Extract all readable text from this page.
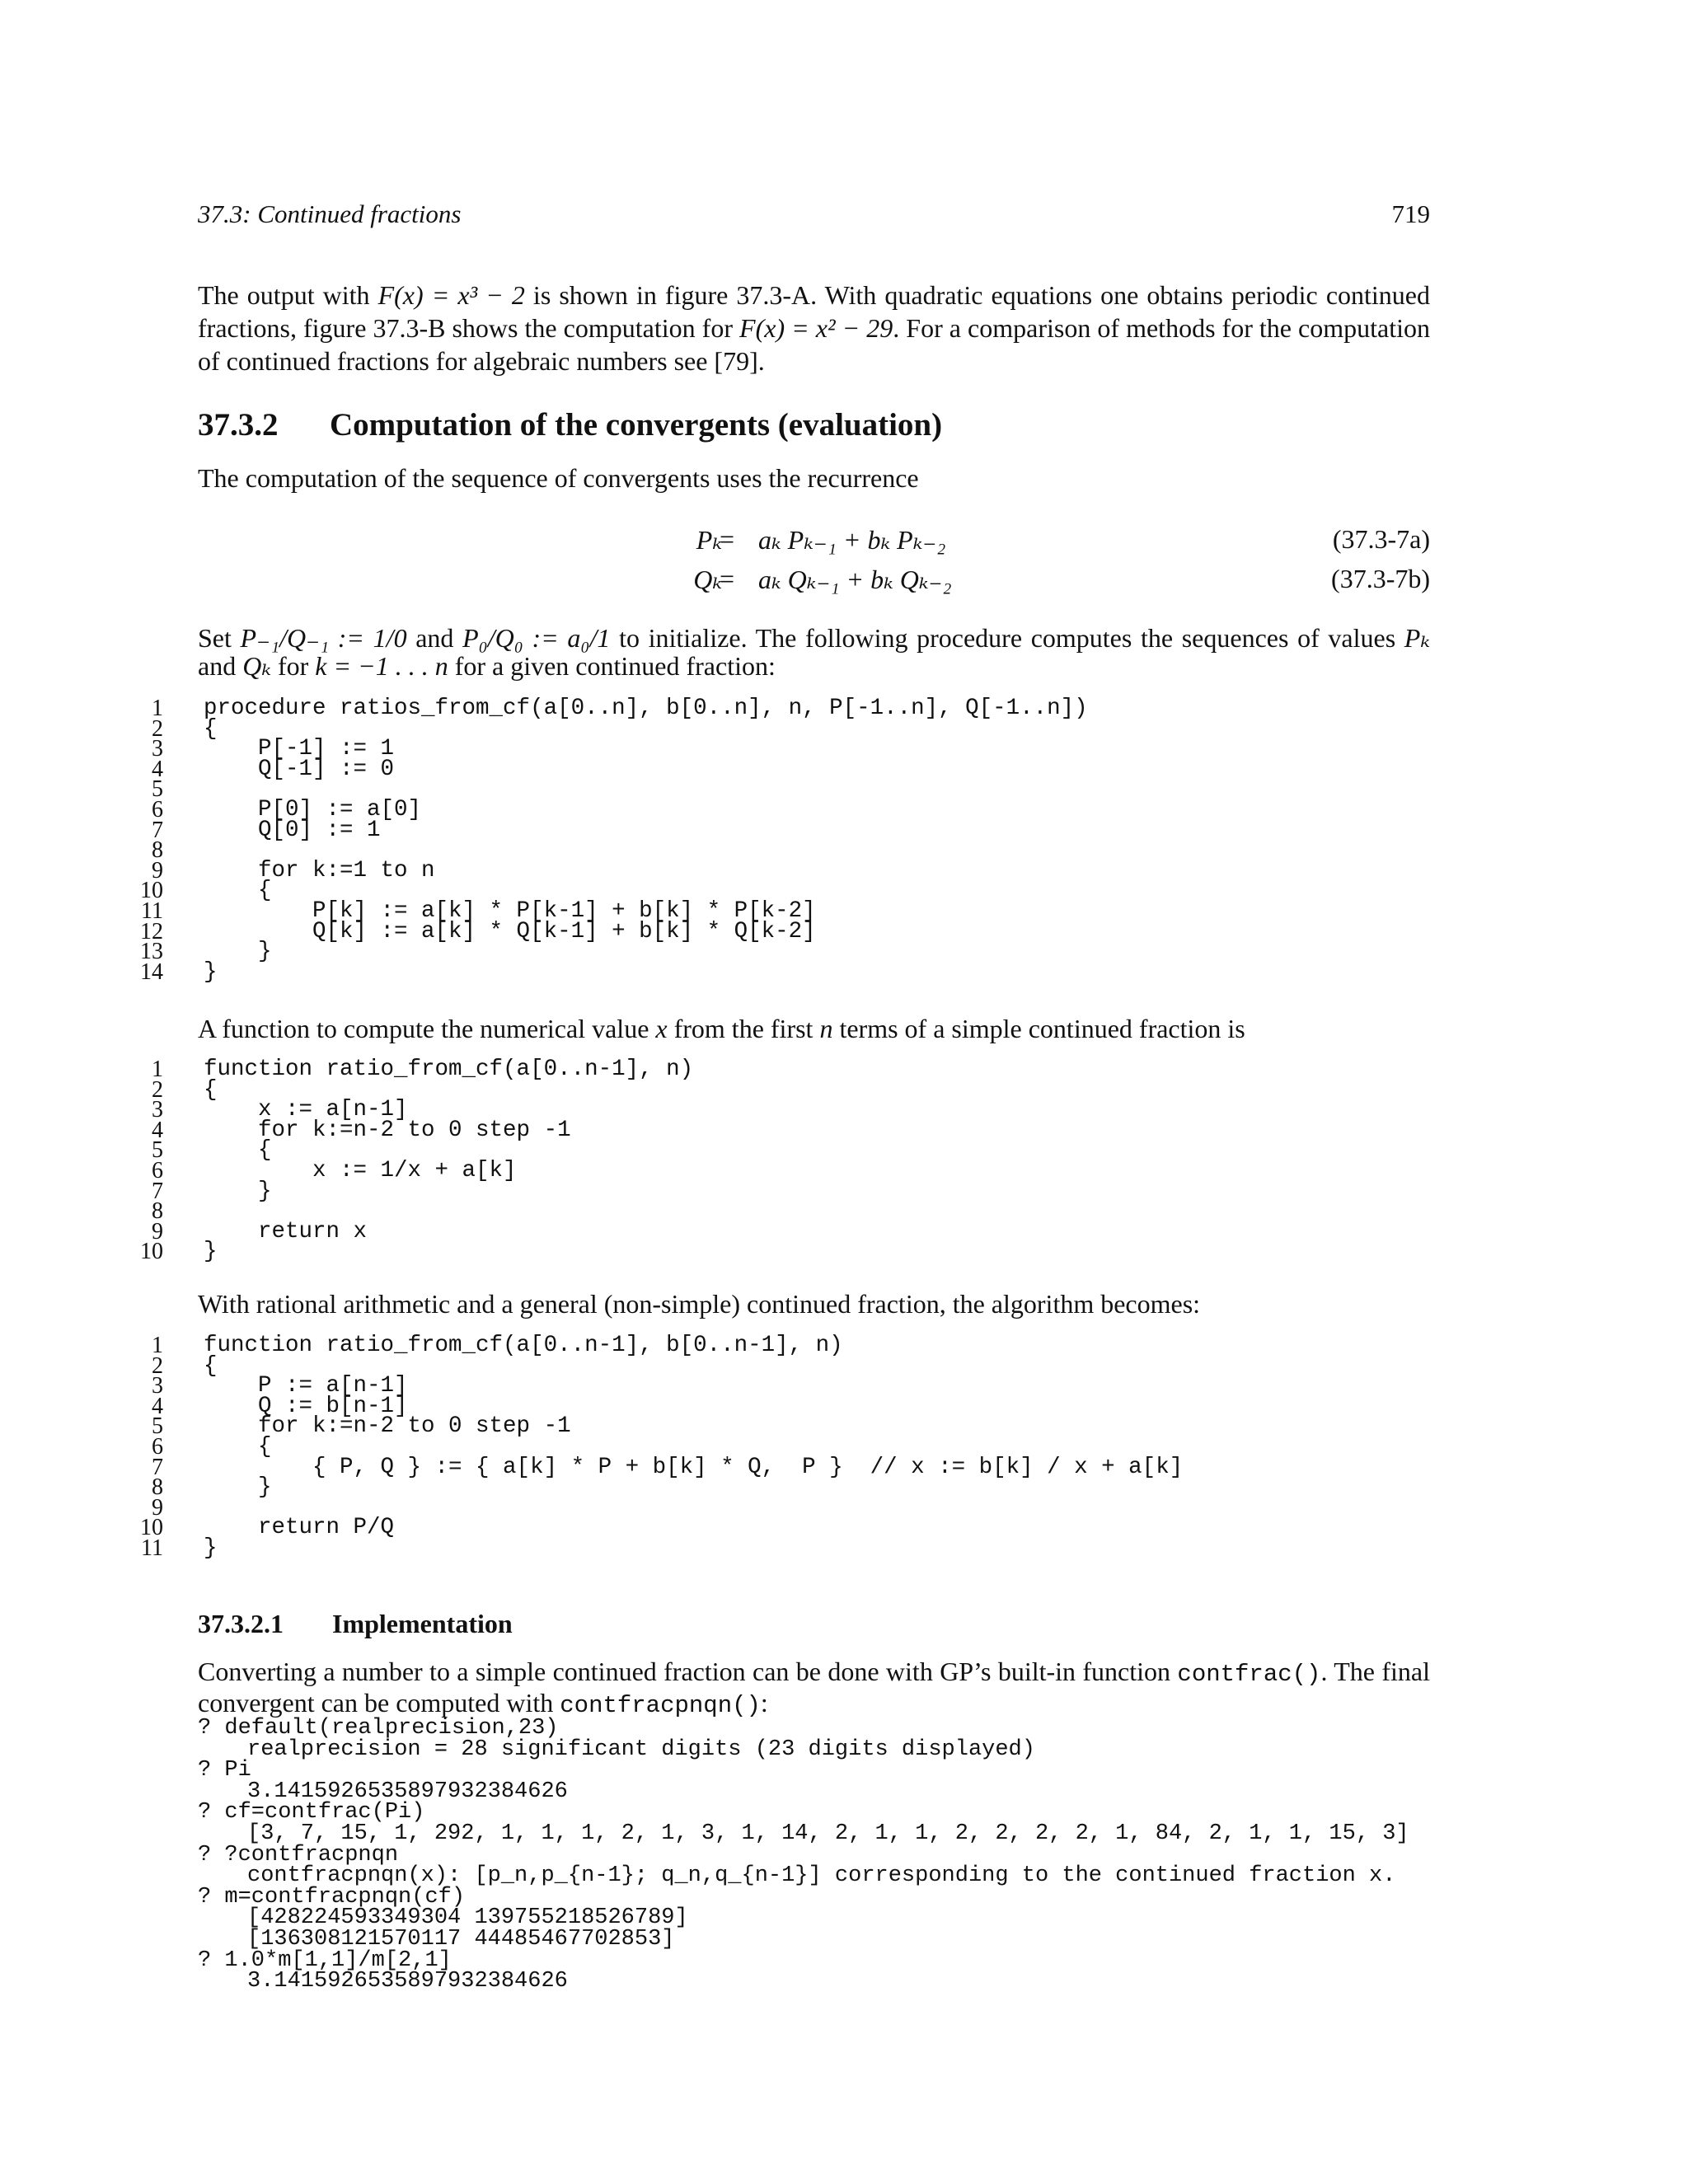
37.3: Continued fractions	719

The output with F(x) = x³ − 2 is shown in figure 37.3-A. With quadratic equations one obtains periodic continued fractions, figure 37.3-B shows the computation for F(x) = x² − 29. For a comparison of methods for the computation of continued fractions for algebraic numbers see [79].

37.3.2 Computation of the convergents (evaluation)

The computation of the sequence of convergents uses the recurrence

Pₖ
= aₖ Pₖ₋₁ + bₖ Pₖ₋₂	(37.3-7a)
Qₖ
= aₖ Qₖ₋₁ + bₖ Qₖ₋₂	(37.3-7b)

Set P₋₁/Q₋₁ := 1/0 and P₀/Q₀ := a₀/1 to initialize. The following procedure computes the sequences of values Pₖ and Qₖ for k = −1 . . . n for a given continued fraction:

1 procedure ratios_from_cf(a[0..n], b[0..n], n, P[-1..n], Q[-1..n])
2 {
3 P[-1] := 1
4 Q[-1] := 0
5
6 P[0] := a[0]
7 Q[0] := 1
8
9 for k:=1 to n
10 {
11 P[k] := a[k] * P[k-1] + b[k] * P[k-2]
12 Q[k] := a[k] * Q[k-1] + b[k] * Q[k-2]
13 }
14 }

A function to compute the numerical value x from the first n terms of a simple continued fraction is

1 function ratio_from_cf(a[0..n-1], n)
2 {
3 x := a[n-1]
4 for k:=n-2 to 0 step -1
5 {
6 x := 1/x + a[k]
7 }
8
9 return x
10 }

With rational arithmetic and a general (non-simple) continued fraction, the algorithm becomes:

1 function ratio_from_cf(a[0..n-1], b[0..n-1], n)
2 {
3 P := a[n-1]
4 Q := b[n-1]
5 for k:=n-2 to 0 step -1
6 {
7 { P, Q } := { a[k] * P + b[k] * Q,  P }  // x := b[k] / x + a[k]
8 }
9
10 return P/Q
11 }
37.3.2.1 Implementation

Converting a number to a simple continued fraction can be done with GP’s built-in function contfrac(). The final convergent can be computed with contfracpnqn():

? default(realprecision,23)
realprecision = 28 significant digits (23 digits displayed)
? Pi
3.1415926535897932384626
? cf=contfrac(Pi)
[3, 7, 15, 1, 292, 1, 1, 1, 2, 1, 3, 1, 14, 2, 1, 1, 2, 2, 2, 2, 1, 84, 2, 1, 1, 15, 3]
? ?contfracpnqn
contfracpnqn(x): [p_n,p_{n-1}; q_n,q_{n-1}] corresponding to the continued fraction x.
? m=contfracpnqn(cf)
[428224593349304 139755218526789]
[136308121570117 44485467702853]
? 1.0*m[1,1]/m[2,1]
3.1415926535897932384626
